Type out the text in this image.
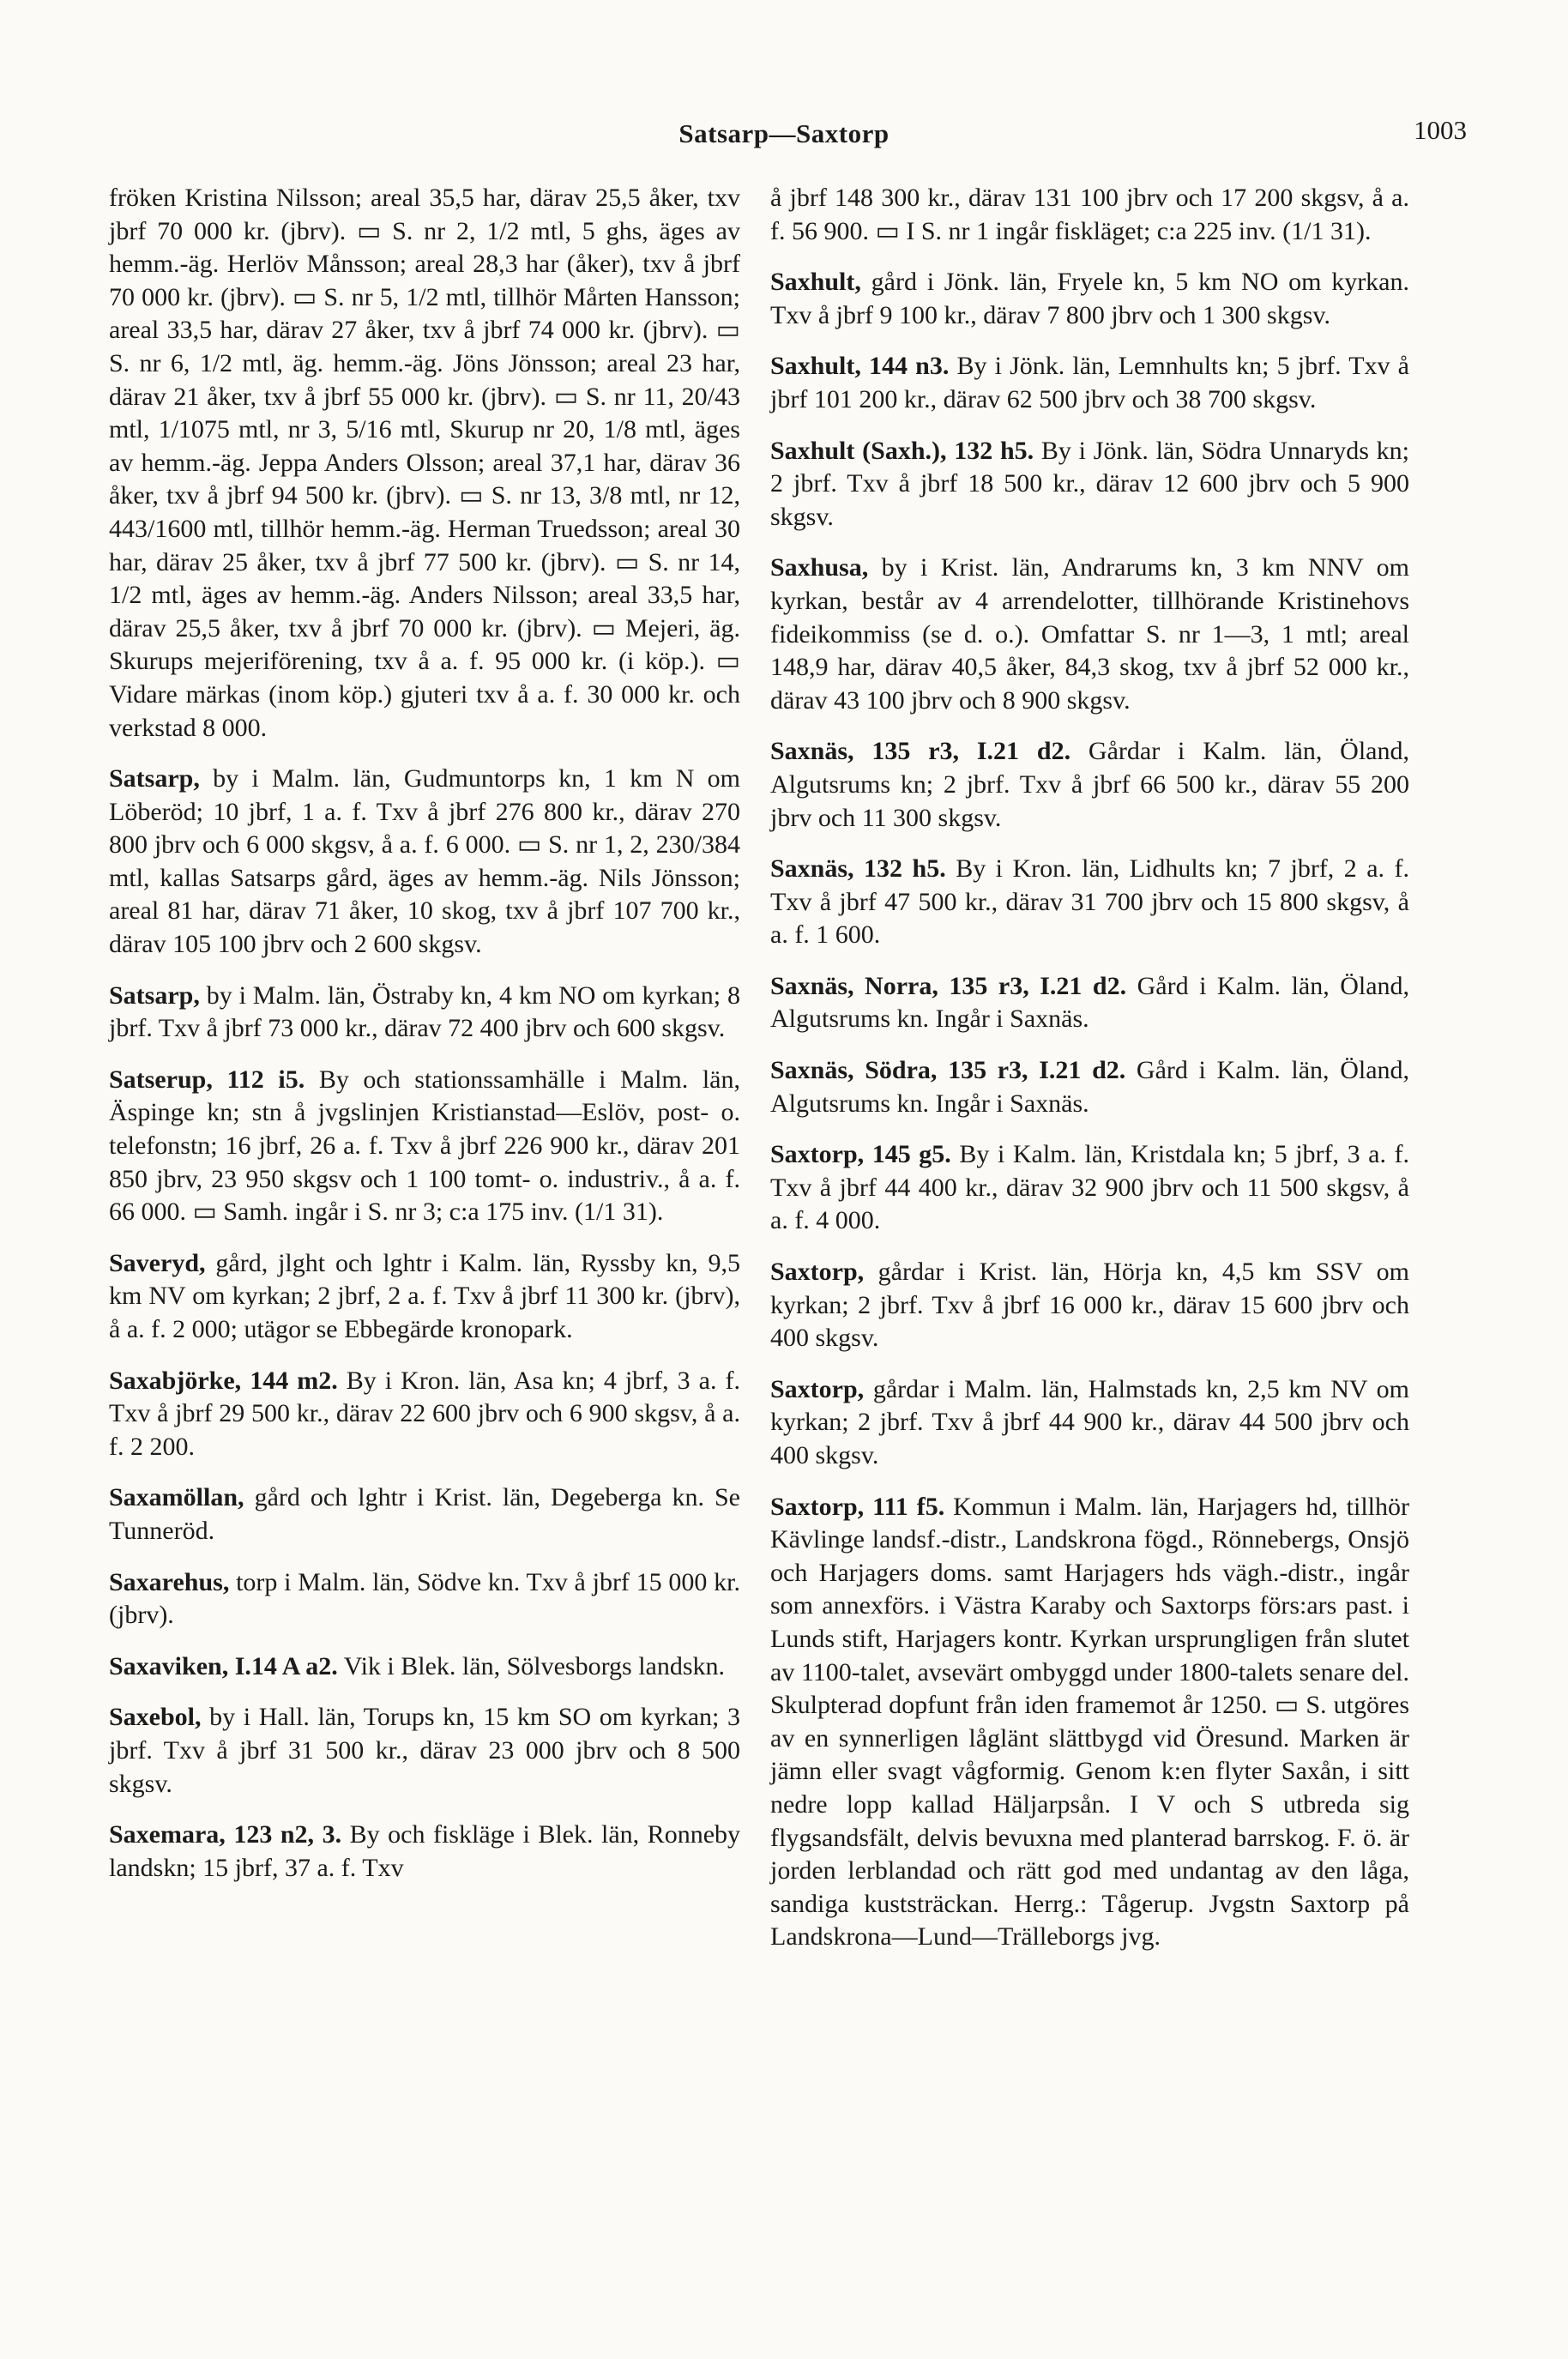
Satsarp—Saxtorp	1003

fröken Kristina Nilsson; areal 35,5 har, därav 25,5 åker, txv jbrf 70 000 kr. (jbrv). ▭ S. nr 2, 1/2 mtl, 5 ghs, äges av hemm.-äg. Herlöv Månsson; areal 28,3 har (åker), txv å jbrf 70 000 kr. (jbrv). ▭ S. nr 5, 1/2 mtl, tillhör Mårten Hansson; areal 33,5 har, därav 27 åker, txv å jbrf 74 000 kr. (jbrv). ▭ S. nr 6, 1/2 mtl, äg. hemm.-äg. Jöns Jönsson; areal 23 har, därav 21 åker, txv å jbrf 55 000 kr. (jbrv). ▭ S. nr 11, 20/43 mtl, 1/1075 mtl, nr 3, 5/16 mtl, Skurup nr 20, 1/8 mtl, äges av hemm.-äg. Jeppa Anders Olsson; areal 37,1 har, därav 36 åker, txv å jbrf 94 500 kr. (jbrv). ▭ S. nr 13, 3/8 mtl, nr 12, 443/1600 mtl, tillhör hemm.-äg. Herman Truedsson; areal 30 har, därav 25 åker, txv å jbrf 77 500 kr. (jbrv). ▭ S. nr 14, 1/2 mtl, äges av hemm.-äg. Anders Nilsson; areal 33,5 har, därav 25,5 åker, txv å jbrf 70 000 kr. (jbrv). ▭ Mejeri, äg. Skurups mejeriförening, txv å a. f. 95 000 kr. (i köp.). ▭ Vidare märkas (inom köp.) gjuteri txv å a. f. 30 000 kr. och verkstad 8 000.

Satsarp, by i Malm. län, Gudmuntorps kn, 1 km N om Löberöd; 10 jbrf, 1 a. f. Txv å jbrf 276 800 kr., därav 270 800 jbrv och 6 000 skgsv, å a. f. 6 000. ▭ S. nr 1, 2, 230/384 mtl, kallas Satsarps gård, äges av hemm.-äg. Nils Jönsson; areal 81 har, därav 71 åker, 10 skog, txv å jbrf 107 700 kr., därav 105 100 jbrv och 2 600 skgsv.

Satsarp, by i Malm. län, Östraby kn, 4 km NO om kyrkan; 8 jbrf. Txv å jbrf 73 000 kr., därav 72 400 jbrv och 600 skgsv.

Satserup, 112 i5. By och stationssamhälle i Malm. län, Äspinge kn; stn å jvgslinjen Kristianstad—Eslöv, post- o. telefonstn; 16 jbrf, 26 a. f. Txv å jbrf 226 900 kr., därav 201 850 jbrv, 23 950 skgsv och 1 100 tomt- o. industriv., å a. f. 66 000. ▭ Samh. ingår i S. nr 3; c:a 175 inv. (1/1 31).

Saveryd, gård, jlght och lghtr i Kalm. län, Ryssby kn, 9,5 km NV om kyrkan; 2 jbrf, 2 a. f. Txv å jbrf 11 300 kr. (jbrv), å a. f. 2 000; utägor se Ebbegärde kronopark.

Saxabjörke, 144 m2. By i Kron. län, Asa kn; 4 jbrf, 3 a. f. Txv å jbrf 29 500 kr., därav 22 600 jbrv och 6 900 skgsv, å a. f. 2 200.

Saxamöllan, gård och lghtr i Krist. län, Degeberga kn. Se Tunneröd.

Saxarehus, torp i Malm. län, Södve kn. Txv å jbrf 15 000 kr. (jbrv).

Saxaviken, I.14 A a2. Vik i Blek. län, Sölvesborgs landskn.

Saxebol, by i Hall. län, Torups kn, 15 km SO om kyrkan; 3 jbrf. Txv å jbrf 31 500 kr., därav 23 000 jbrv och 8 500 skgsv.

Saxemara, 123 n2, 3. By och fiskläge i Blek. län, Ronneby landskn; 15 jbrf, 37 a. f. Txv

å jbrf 148 300 kr., därav 131 100 jbrv och 17 200 skgsv, å a. f. 56 900. ▭ I S. nr 1 ingår fiskläget; c:a 225 inv. (1/1 31).

Saxhult, gård i Jönk. län, Fryele kn, 5 km NO om kyrkan. Txv å jbrf 9 100 kr., därav 7 800 jbrv och 1 300 skgsv.

Saxhult, 144 n3. By i Jönk. län, Lemnhults kn; 5 jbrf. Txv å jbrf 101 200 kr., därav 62 500 jbrv och 38 700 skgsv.

Saxhult (Saxh.), 132 h5. By i Jönk. län, Södra Unnaryds kn; 2 jbrf. Txv å jbrf 18 500 kr., därav 12 600 jbrv och 5 900 skgsv.

Saxhusa, by i Krist. län, Andrarums kn, 3 km NNV om kyrkan, består av 4 arrendelotter, tillhörande Kristinehovs fideikommiss (se d. o.). Omfattar S. nr 1—3, 1 mtl; areal 148,9 har, därav 40,5 åker, 84,3 skog, txv å jbrf 52 000 kr., därav 43 100 jbrv och 8 900 skgsv.

Saxnäs, 135 r3, I.21 d2. Gårdar i Kalm. län, Öland, Algutsrums kn; 2 jbrf. Txv å jbrf 66 500 kr., därav 55 200 jbrv och 11 300 skgsv.

Saxnäs, 132 h5. By i Kron. län, Lidhults kn; 7 jbrf, 2 a. f. Txv å jbrf 47 500 kr., därav 31 700 jbrv och 15 800 skgsv, å a. f. 1 600.

Saxnäs, Norra, 135 r3, I.21 d2. Gård i Kalm. län, Öland, Algutsrums kn. Ingår i Saxnäs.

Saxnäs, Södra, 135 r3, I.21 d2. Gård i Kalm. län, Öland, Algutsrums kn. Ingår i Saxnäs.

Saxtorp, 145 g5. By i Kalm. län, Kristdala kn; 5 jbrf, 3 a. f. Txv å jbrf 44 400 kr., därav 32 900 jbrv och 11 500 skgsv, å a. f. 4 000.

Saxtorp, gårdar i Krist. län, Hörja kn, 4,5 km SSV om kyrkan; 2 jbrf. Txv å jbrf 16 000 kr., därav 15 600 jbrv och 400 skgsv.

Saxtorp, gårdar i Malm. län, Halmstads kn, 2,5 km NV om kyrkan; 2 jbrf. Txv å jbrf 44 900 kr., därav 44 500 jbrv och 400 skgsv.

Saxtorp, 111 f5. Kommun i Malm. län, Harjagers hd, tillhör Kävlinge landsf.-distr., Landskrona fögd., Rönnebergs, Onsjö och Harjagers doms. samt Harjagers hds vägh.-distr., ingår som annexförs. i Västra Karaby och Saxtorps förs:ars past. i Lunds stift, Harjagers kontr. Kyrkan ursprungligen från slutet av 1100-talet, avsevärt ombyggd under 1800-talets senare del. Skulpterad dopfunt från iden framemot år 1250. ▭ S. utgöres av en synnerligen låglänt slättbygd vid Öresund. Marken är jämn eller svagt vågformig. Genom k:en flyter Saxån, i sitt nedre lopp kallad Häljarpsån. I V och S utbreda sig flygsandsfält, delvis bevuxna med planterad barrskog. F. ö. är jorden lerblandad och rätt god med undantag av den låga, sandiga kuststräckan. Herrg.: Tågerup. Jvgstn Saxtorp på Landskrona—Lund—Trälleborgs jvg.
